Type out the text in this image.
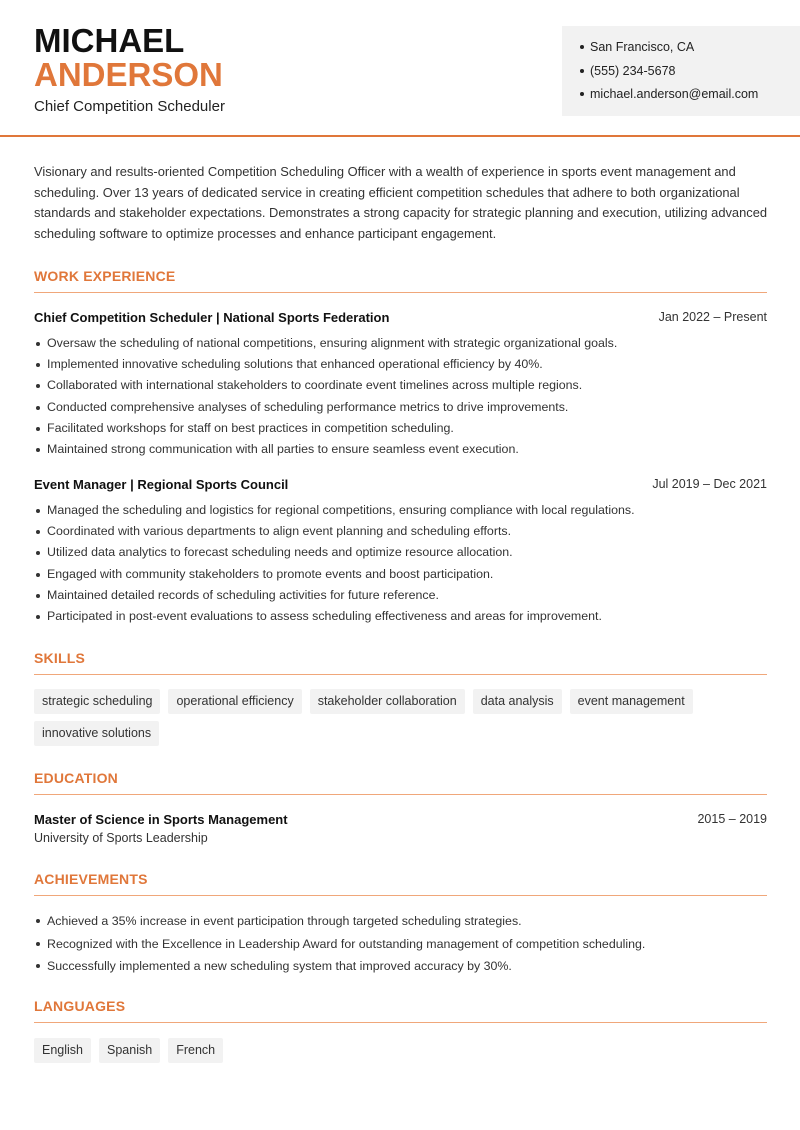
MICHAEL
ANDERSON
Chief Competition Scheduler
San Francisco, CA
(555) 234-5678
michael.anderson@email.com
Visionary and results-oriented Competition Scheduling Officer with a wealth of experience in sports event management and scheduling. Over 13 years of dedicated service in creating efficient competition schedules that adhere to both organizational standards and stakeholder expectations. Demonstrates a strong capacity for strategic planning and execution, utilizing advanced scheduling software to optimize processes and enhance participant engagement.
WORK EXPERIENCE
Chief Competition Scheduler | National Sports Federation	Jan 2022 – Present
Oversaw the scheduling of national competitions, ensuring alignment with strategic organizational goals.
Implemented innovative scheduling solutions that enhanced operational efficiency by 40%.
Collaborated with international stakeholders to coordinate event timelines across multiple regions.
Conducted comprehensive analyses of scheduling performance metrics to drive improvements.
Facilitated workshops for staff on best practices in competition scheduling.
Maintained strong communication with all parties to ensure seamless event execution.
Event Manager | Regional Sports Council	Jul 2019 – Dec 2021
Managed the scheduling and logistics for regional competitions, ensuring compliance with local regulations.
Coordinated with various departments to align event planning and scheduling efforts.
Utilized data analytics to forecast scheduling needs and optimize resource allocation.
Engaged with community stakeholders to promote events and boost participation.
Maintained detailed records of scheduling activities for future reference.
Participated in post-event evaluations to assess scheduling effectiveness and areas for improvement.
SKILLS
strategic scheduling	operational efficiency	stakeholder collaboration	data analysis	event management
innovative solutions
EDUCATION
Master of Science in Sports Management	2015 – 2019
University of Sports Leadership
ACHIEVEMENTS
Achieved a 35% increase in event participation through targeted scheduling strategies.
Recognized with the Excellence in Leadership Award for outstanding management of competition scheduling.
Successfully implemented a new scheduling system that improved accuracy by 30%.
LANGUAGES
English	Spanish	French
